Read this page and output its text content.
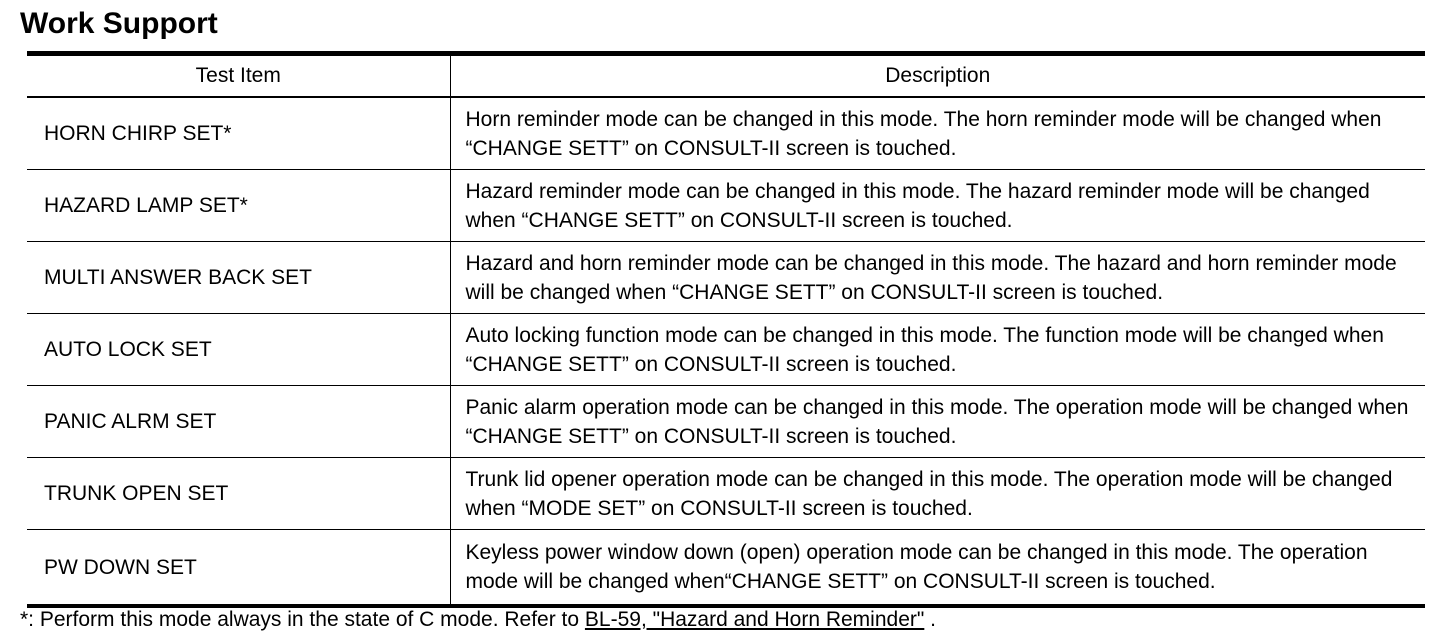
Work Support
Test Item	Description
HORN CHIRP SET*	Horn reminder mode can be changed in this mode. The horn reminder mode will be changed when “CHANGE SETT” on CONSULT-II screen is touched.
HAZARD LAMP SET*	Hazard reminder mode can be changed in this mode. The hazard reminder mode will be changed when “CHANGE SETT” on CONSULT-II screen is touched.
MULTI ANSWER BACK SET	Hazard and horn reminder mode can be changed in this mode. The hazard and horn reminder mode will be changed when “CHANGE SETT” on CONSULT-II screen is touched.
AUTO LOCK SET	Auto locking function mode can be changed in this mode. The function mode will be changed when “CHANGE SETT” on CONSULT-II screen is touched.
PANIC ALRM SET	Panic alarm operation mode can be changed in this mode. The operation mode will be changed when “CHANGE SETT” on CONSULT-II screen is touched.
TRUNK OPEN SET	Trunk lid opener operation mode can be changed in this mode. The operation mode will be changed when “MODE SET” on CONSULT-II screen is touched.
PW DOWN SET	Keyless power window down (open) operation mode can be changed in this mode. The operation mode will be changed when“CHANGE SETT” on CONSULT-II screen is touched.
*: Perform this mode always in the state of C mode. Refer to BL-59, "Hazard and Horn Reminder" .
